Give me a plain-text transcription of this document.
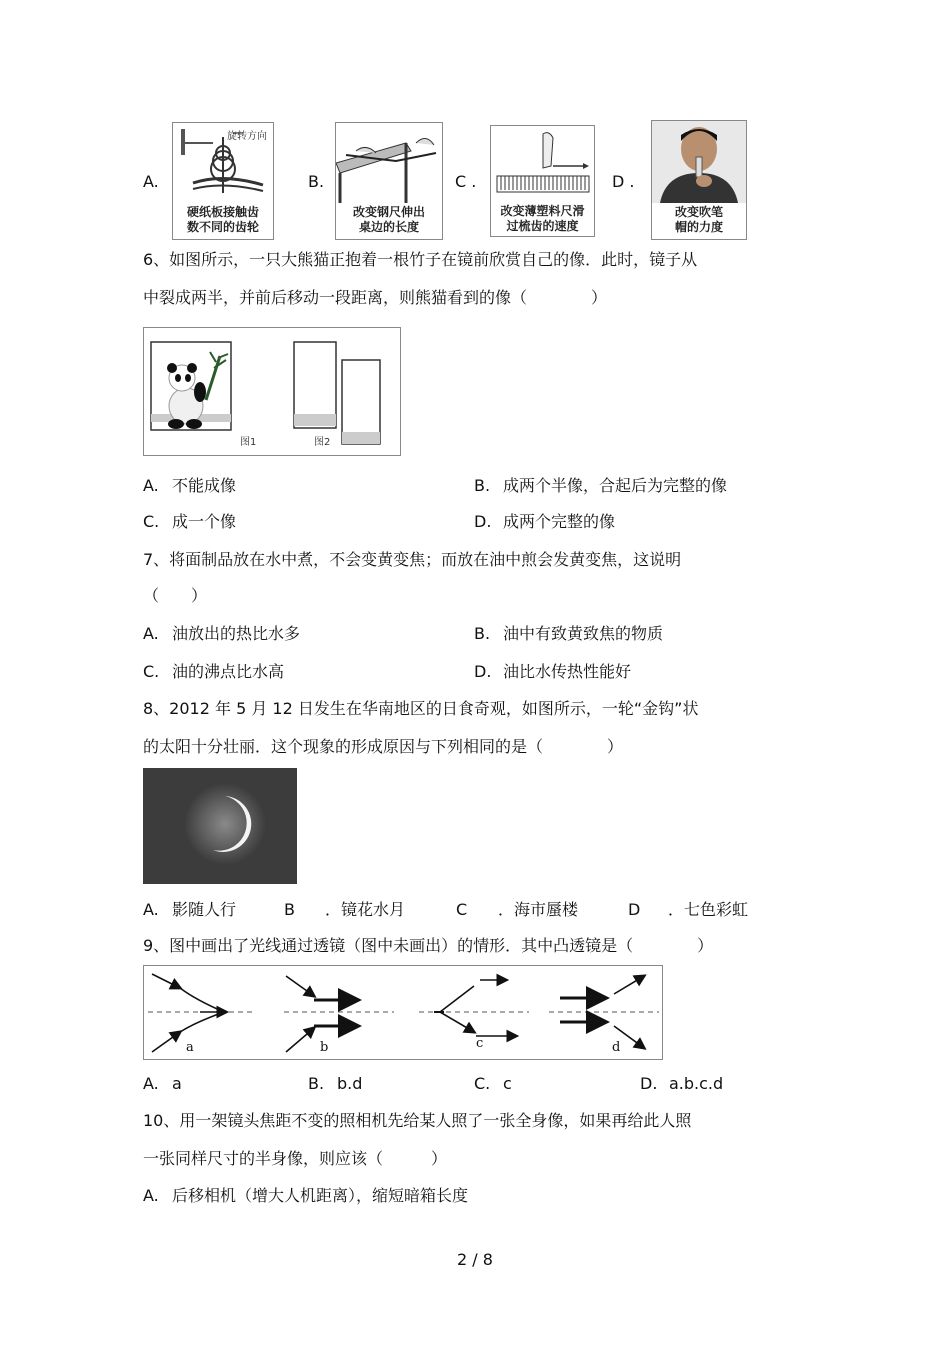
A.
旋转方向
硬纸板接触齿
数不同的齿轮
B.
改变钢尺伸出
桌边的长度
C .
改变薄塑料尺滑
过梳齿的速度
D .
改变吹笔
帽的力度
6、如图所示，一只大熊猫正抱着一根竹子在镜前欣赏自己的像．此时，镜子从
中裂成两半，并前后移动一段距离，则熊猫看到的像（　　　　）
图1	图2
A. 不能成像	B. 成两个半像，合起后为完整的像
C. 成一个像	D. 成两个完整的像
7、将面制品放在水中煮，不会变黄变焦；而放在油中煎会发黄变焦，这说明
（　　）
A. 油放出的热比水多	B. 油中有致黄致焦的物质
C. 油的沸点比水高	D. 油比水传热性能好
8、2012 年 5 月 12 日发生在华南地区的日食奇观，如图所示，一轮“金钩”状
的太阳十分壮丽．这个现象的形成原因与下列相同的是（　　　　）
A. 影随人行	B ．镜花水月	C ．海市蜃楼	D ．七色彩虹
9、图中画出了光线通过透镜（图中未画出）的情形．其中凸透镜是（　　　　）
a	b	c	d
A. a	B. b.d	C. c	D. a.b.c.d
10、用一架镜头焦距不变的照相机先给某人照了一张全身像，如果再给此人照
一张同样尺寸的半身像，则应该（　　　）
A. 后移相机（增大人机距离），缩短暗箱长度
2 / 8
